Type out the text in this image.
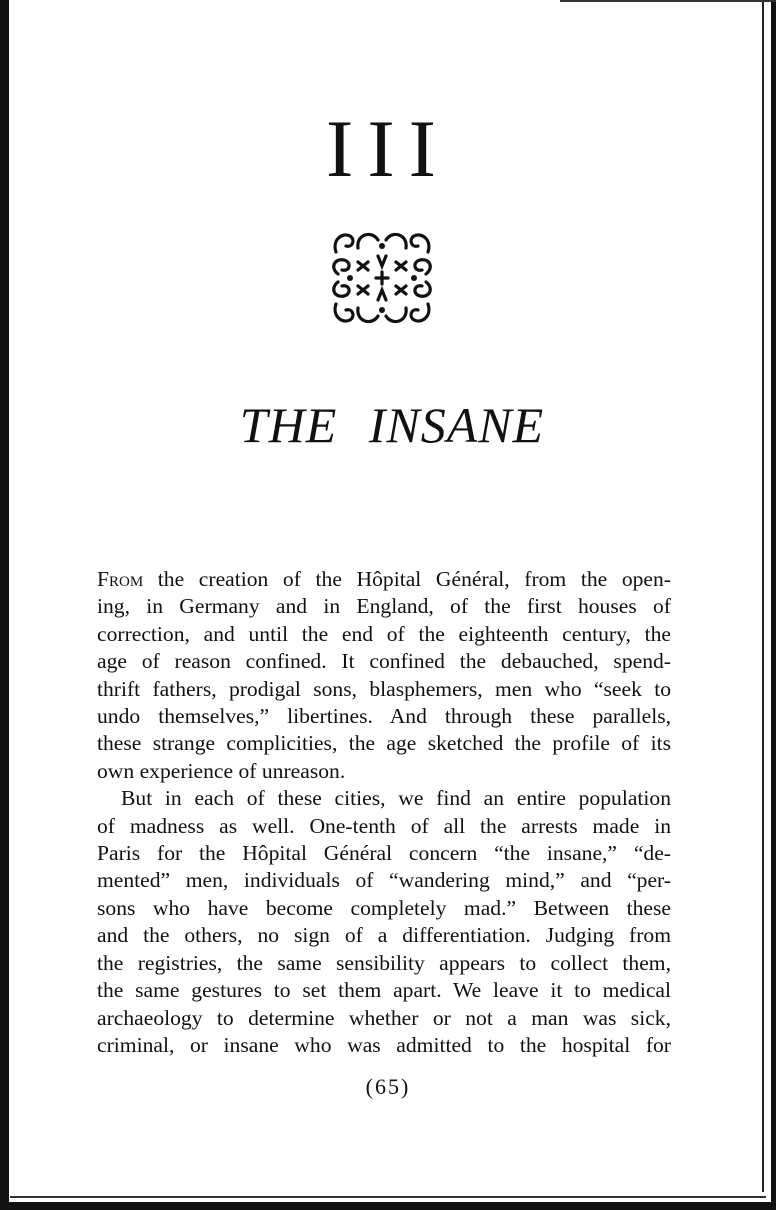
III
THE INSANE
From the creation of the Hôpital Général, from the open-
ing, in Germany and in England, of the first houses of
correction, and until the end of the eighteenth century, the
age of reason confined. It confined the debauched, spend-
thrift fathers, prodigal sons, blasphemers, men who “seek to
undo themselves,” libertines. And through these parallels,
these strange complicities, the age sketched the profile of its
own experience of unreason.
But in each of these cities, we find an entire population
of madness as well. One-tenth of all the arrests made in
Paris for the Hôpital Général concern “the insane,” “de-
mented” men, individuals of “wandering mind,” and “per-
sons who have become completely mad.” Between these
and the others, no sign of a differentiation. Judging from
the registries, the same sensibility appears to collect them,
the same gestures to set them apart. We leave it to medical
archaeology to determine whether or not a man was sick,
criminal, or insane who was admitted to the hospital for
(65)
